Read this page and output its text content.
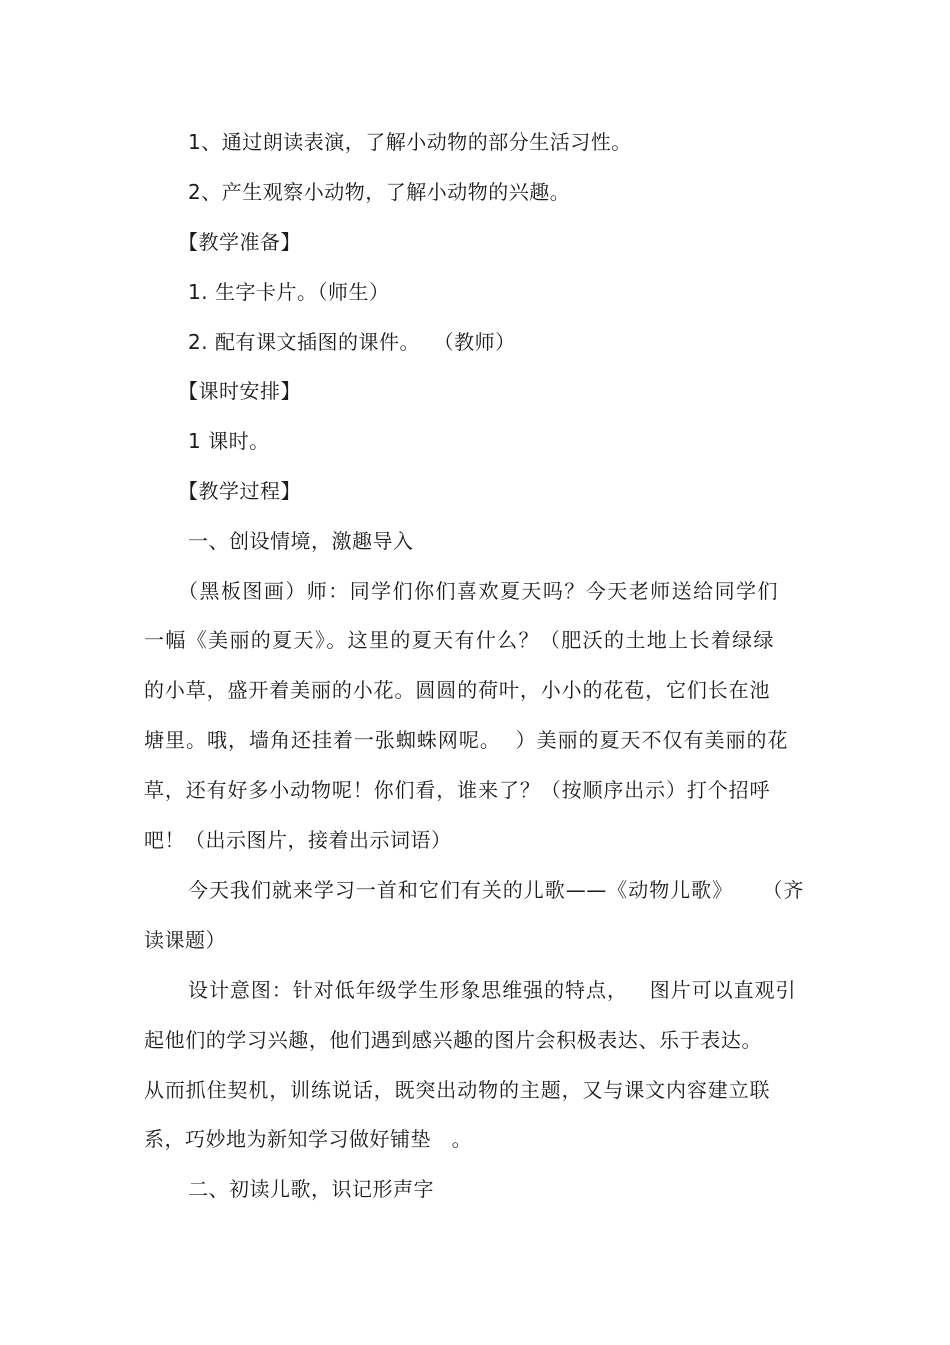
1、通过朗读表演，了解小动物的部分生活习性。
2、产生观察小动物，了解小动物的兴趣。
【教学准备】
1. 生字卡片。（师生）
2. 配有课文插图的课件。  （教师）
【课时安排】
1 课时。
【教学过程】
一、创设情境，激趣导入
（黑板图画）师：同学们你们喜欢夏天吗？今天老师送给同学们
一幅《美丽的夏天》。这里的夏天有什么？（肥沃的土地上长着绿绿
的小草，盛开着美丽的小花。圆圆的荷叶，小小的花苞，它们长在池
塘里。哦，墙角还挂着一张蜘蛛网呢。  ）美丽的夏天不仅有美丽的花
草，还有好多小动物呢！你们看，谁来了？（按顺序出示）打个招呼
吧！（出示图片，接着出示词语）
今天我们就来学习一首和它们有关的儿歌——《动物儿歌》    （齐
读课题）
设计意图：针对低年级学生形象思维强的特点，   图片可以直观引
起他们的学习兴趣，他们遇到感兴趣的图片会积极表达、乐于表达。
从而抓住契机，训练说话，既突出动物的主题，又与课文内容建立联
系，巧妙地为新知学习做好铺垫   。
二、初读儿歌，识记形声字
